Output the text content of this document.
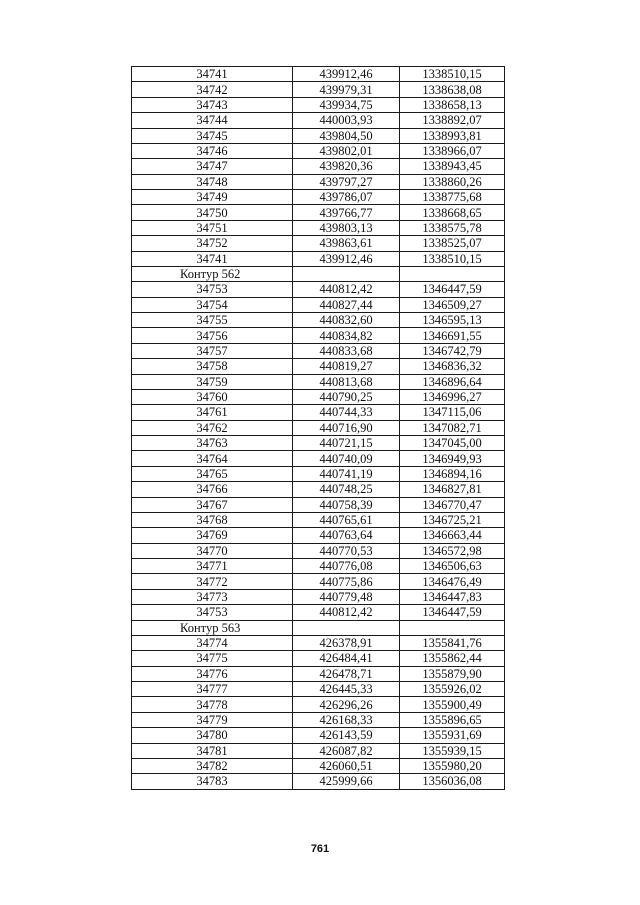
34741	439912,46	1338510,15
34742	439979,31	1338638,08
34743	439934,75	1338658,13
34744	440003,93	1338892,07
34745	439804,50	1338993,81
34746	439802,01	1338966,07
34747	439820,36	1338943,45
34748	439797,27	1338860,26
34749	439786,07	1338775,68
34750	439766,77	1338668,65
34751	439803,13	1338575,78
34752	439863,61	1338525,07
34741	439912,46	1338510,15
Контур 562		
34753	440812,42	1346447,59
34754	440827,44	1346509,27
34755	440832,60	1346595,13
34756	440834,82	1346691,55
34757	440833,68	1346742,79
34758	440819,27	1346836,32
34759	440813,68	1346896,64
34760	440790,25	1346996,27
34761	440744,33	1347115,06
34762	440716,90	1347082,71
34763	440721,15	1347045,00
34764	440740,09	1346949,93
34765	440741,19	1346894,16
34766	440748,25	1346827,81
34767	440758,39	1346770,47
34768	440765,61	1346725,21
34769	440763,64	1346663,44
34770	440770,53	1346572,98
34771	440776,08	1346506,63
34772	440775,86	1346476,49
34773	440779,48	1346447,83
34753	440812,42	1346447,59
Контур 563		
34774	426378,91	1355841,76
34775	426484,41	1355862,44
34776	426478,71	1355879,90
34777	426445,33	1355926,02
34778	426296,26	1355900,49
34779	426168,33	1355896,65
34780	426143,59	1355931,69
34781	426087,82	1355939,15
34782	426060,51	1355980,20
34783	425999,66	1356036,08
761
